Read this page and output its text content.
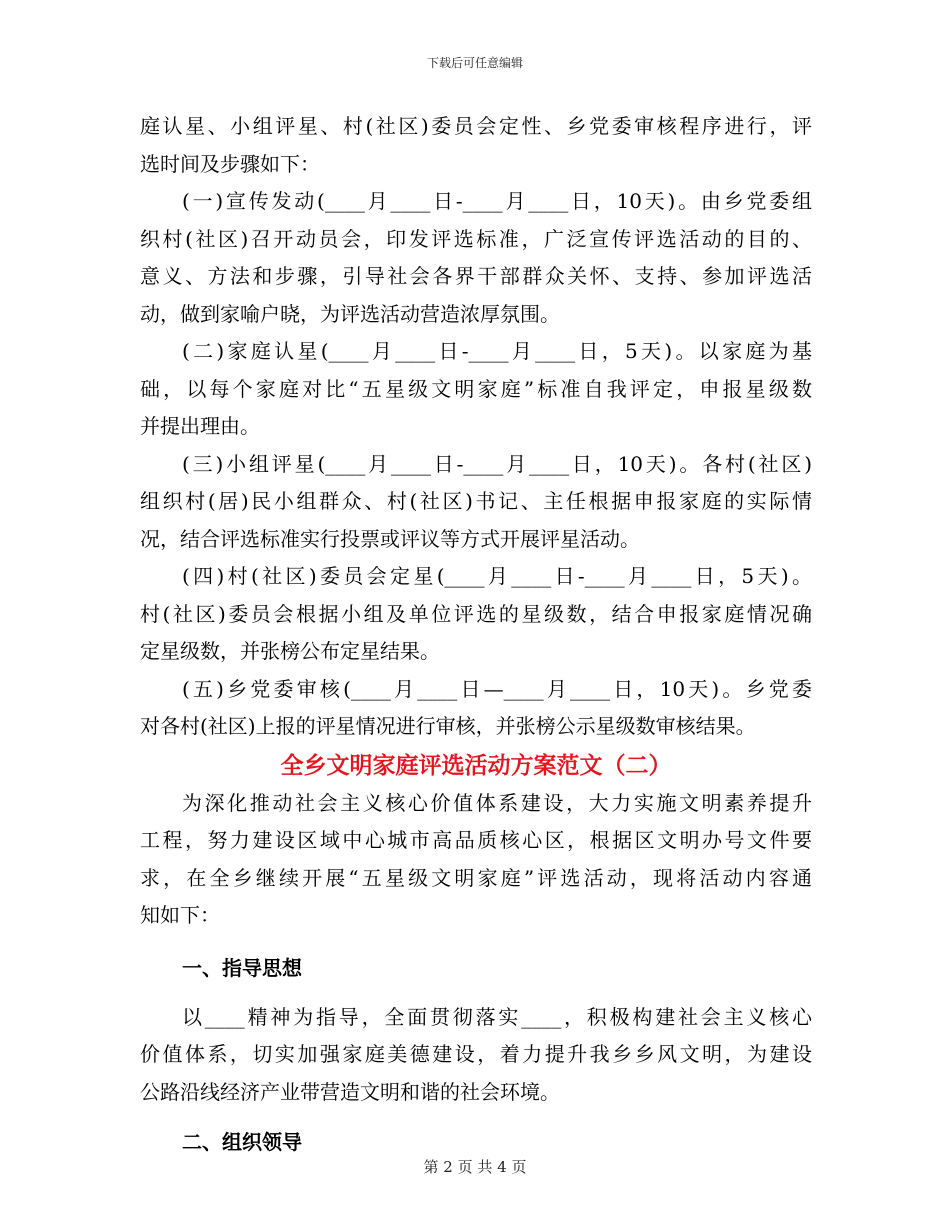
下载后可任意编辑
庭认星、小组评星、村(社区)委员会定性、乡党委审核程序进行，评
选时间及步骤如下：
(一)宣传发动(____月____日-____月____日，10天)。由乡党委组
织村(社区)召开动员会，印发评选标准，广泛宣传评选活动的目的、
意义、方法和步骤，引导社会各界干部群众关怀、支持、参加评选活
动，做到家喻户晓，为评选活动营造浓厚氛围。
(二)家庭认星(____月____日-____月____日，5天)。以家庭为基
础，以每个家庭对比“五星级文明家庭”标准自我评定，申报星级数
并提出理由。
(三)小组评星(____月____日-____月____日，10天)。各村(社区)
组织村(居)民小组群众、村(社区)书记、主任根据申报家庭的实际情
况，结合评选标准实行投票或评议等方式开展评星活动。
(四)村(社区)委员会定星(____月____日-____月____日，5天)。
村(社区)委员会根据小组及单位评选的星级数，结合申报家庭情况确
定星级数，并张榜公布定星结果。
(五)乡党委审核(____月____日—____月____日，10天)。乡党委
对各村(社区)上报的评星情况进行审核，并张榜公示星级数审核结果。
全乡文明家庭评选活动方案范文（二）
为深化推动社会主义核心价值体系建设，大力实施文明素养提升
工程，努力建设区域中心城市高品质核心区，根据区文明办号文件要
求，在全乡继续开展“五星级文明家庭”评选活动，现将活动内容通
知如下：
一、指导思想
以____精神为指导，全面贯彻落实____，积极构建社会主义核心
价值体系，切实加强家庭美德建设，着力提升我乡乡风文明，为建设
公路沿线经济产业带营造文明和谐的社会环境。
二、组织领导
第 2 页 共 4 页
